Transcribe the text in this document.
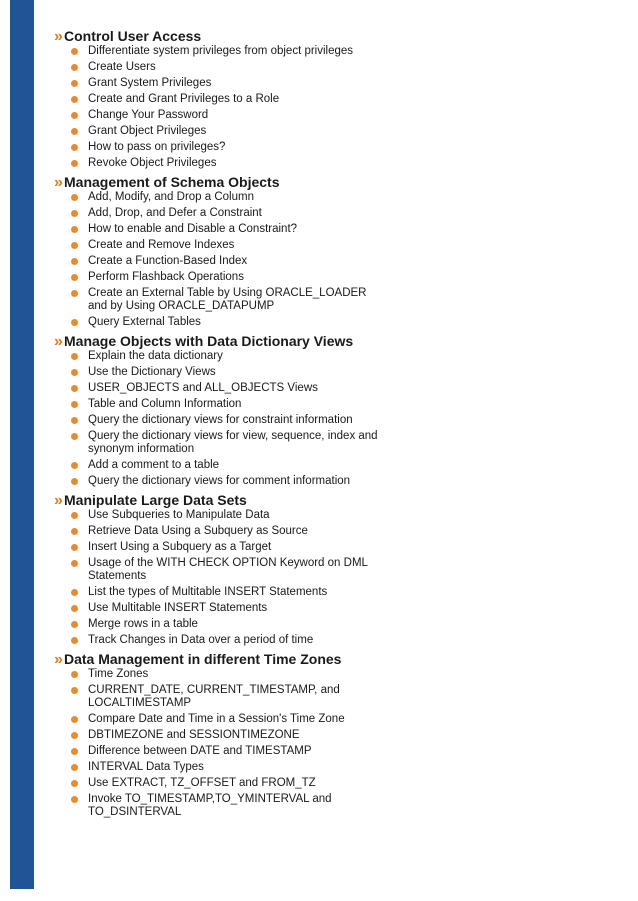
» Control User Access
Differentiate system privileges from object privileges
Create Users
Grant System Privileges
Create and Grant Privileges to a Role
Change Your Password
Grant Object Privileges
How to pass on privileges?
Revoke Object Privileges
» Management of Schema Objects
Add, Modify, and Drop a Column
Add, Drop, and Defer a Constraint
How to enable and Disable a Constraint?
Create and Remove Indexes
Create a Function-Based Index
Perform Flashback Operations
Create an External Table by Using ORACLE_LOADER and by Using ORACLE_DATAPUMP
Query External Tables
» Manage Objects with Data Dictionary Views
Explain the data dictionary
Use the Dictionary Views
USER_OBJECTS and ALL_OBJECTS Views
Table and Column Information
Query the dictionary views for constraint information
Query the dictionary views for view, sequence, index and synonym information
Add a comment to a table
Query the dictionary views for comment information
» Manipulate Large Data Sets
Use Subqueries to Manipulate Data
Retrieve Data Using a Subquery as Source
Insert Using a Subquery as a Target
Usage of the WITH CHECK OPTION Keyword on DML Statements
List the types of Multitable INSERT Statements
Use Multitable INSERT Statements
Merge rows in a table
Track Changes in Data over a period of time
» Data Management in different Time Zones
Time Zones
CURRENT_DATE, CURRENT_TIMESTAMP, and LOCALTIMESTAMP
Compare Date and Time in a Session's Time Zone
DBTIMEZONE and SESSIONTIMEZONE
Difference between DATE and TIMESTAMP
INTERVAL Data Types
Use EXTRACT, TZ_OFFSET and FROM_TZ
Invoke TO_TIMESTAMP,TO_YMINTERVAL and TO_DSINTERVAL
